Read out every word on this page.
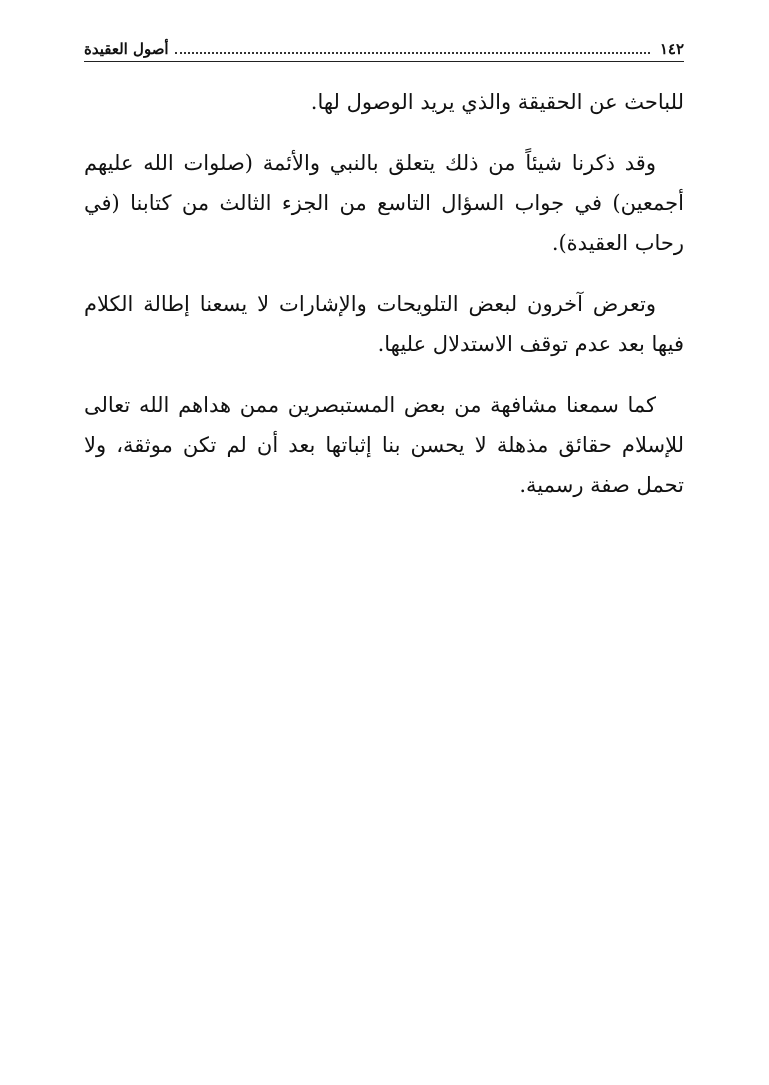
١٤٢
أصول العقيدة

للباحث عن الحقيقة والذي يريد الوصول لها.

وقد ذكرنا شيئاً من ذلك يتعلق بالنبي والأئمة (صلوات الله عليهم أجمعين) في جواب السؤال التاسع من الجزء الثالث من كتابنا (في رحاب العقيدة).

وتعرض آخرون لبعض التلويحات والإشارات لا يسعنا إطالة الكلام فيها بعد عدم توقف الاستدلال عليها.

كما سمعنا مشافهة من بعض المستبصرين ممن هداهم الله تعالى للإسلام حقائق مذهلة لا يحسن بنا إثباتها بعد أن لم تكن موثقة، ولا تحمل صفة رسمية.
